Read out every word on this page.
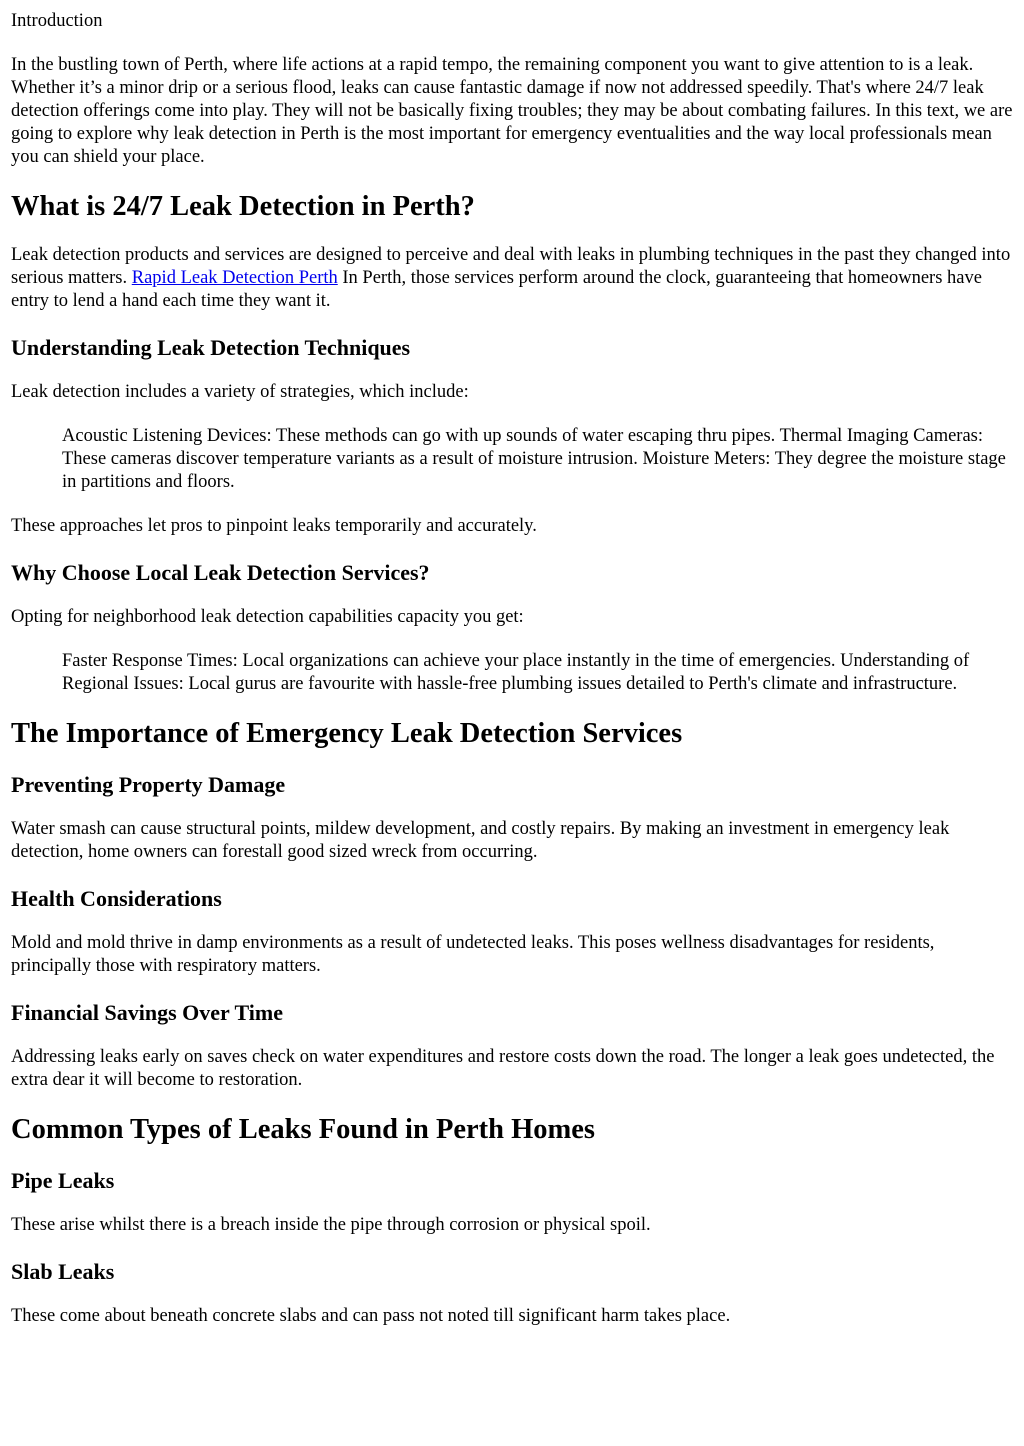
Introduction

In the bustling town of Perth, where life actions at a rapid tempo, the remaining component you want to give attention to is a leak. Whether it’s a minor drip or a serious flood, leaks can cause fantastic damage if now not addressed speedily. That's where 24/7 leak detection offerings come into play. They will not be basically fixing troubles; they may be about combating failures. In this text, we are going to explore why leak detection in Perth is the most important for emergency eventualities and the way local professionals mean you can shield your place.

What is 24/7 Leak Detection in Perth?

Leak detection products and services are designed to perceive and deal with leaks in plumbing techniques in the past they changed into serious matters. Rapid Leak Detection Perth In Perth, those services perform around the clock, guaranteeing that homeowners have entry to lend a hand each time they want it.

Understanding Leak Detection Techniques

Leak detection includes a variety of strategies, which include:

Acoustic Listening Devices: These methods can go with up sounds of water escaping thru pipes. Thermal Imaging Cameras: These cameras discover temperature variants as a result of moisture intrusion. Moisture Meters: They degree the moisture stage in partitions and floors.

These approaches let pros to pinpoint leaks temporarily and accurately.

Why Choose Local Leak Detection Services?

Opting for neighborhood leak detection capabilities capacity you get:

Faster Response Times: Local organizations can achieve your place instantly in the time of emergencies. Understanding of Regional Issues: Local gurus are favourite with hassle-free plumbing issues detailed to Perth's climate and infrastructure.
The Importance of Emergency Leak Detection Services
Preventing Property Damage

Water smash can cause structural points, mildew development, and costly repairs. By making an investment in emergency leak detection, home owners can forestall good sized wreck from occurring.

Health Considerations

Mold and mold thrive in damp environments as a result of undetected leaks. This poses wellness disadvantages for residents, principally those with respiratory matters.

Financial Savings Over Time

Addressing leaks early on saves check on water expenditures and restore costs down the road. The longer a leak goes undetected, the extra dear it will become to restoration.

Common Types of Leaks Found in Perth Homes
Pipe Leaks

These arise whilst there is a breach inside the pipe through corrosion or physical spoil.

Slab Leaks

These come about beneath concrete slabs and can pass not noted till significant harm takes place.
